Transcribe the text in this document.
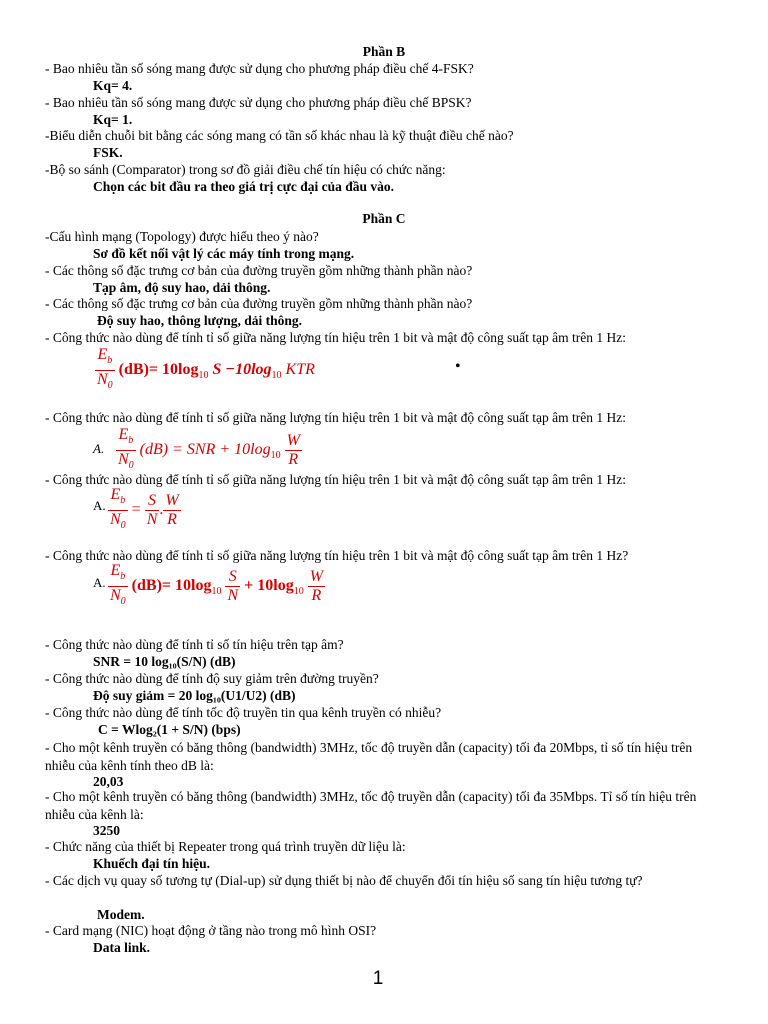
Phần B
- Bao nhiêu tần số sóng mang được sử dụng cho phương pháp điều chế 4-FSK?
Kq= 4.
- Bao nhiêu tần số sóng mang được sử dụng cho phương pháp điều chế BPSK?
Kq= 1.
-Biểu diễn chuỗi bit bằng các sóng mang có tần số khác nhau là kỹ thuật điều chế nào?
FSK.
-Bộ so sánh (Comparator) trong sơ đồ giải điều chế tín hiệu có chức năng:
Chọn các bit đầu ra theo giá trị cực đại của đầu vào.
Phần C
-Cấu hình mạng (Topology) được hiểu theo ý nào?
Sơ đồ kết nối vật lý các máy tính trong mạng.
- Các thông số đặc trưng cơ bản của đường truyền gồm những thành phần nào?
Tạp âm, độ suy hao, dải thông.
- Các thông số đặc trưng cơ bản của đường truyền gồm những thành phần nào?
Độ suy hao, thông lượng, dải thông.
- Công thức nào dùng để tính tỉ số giữa năng lượng tín hiệu trên 1 bit và mật độ công suất tạp âm trên 1 Hz:
$\frac{E_b}{N_0} (dB)= 10\log_{10}$ $S -10\log_{10}$ KTR	•
- Công thức nào dùng để tính tỉ số giữa năng lượng tín hiệu trên 1 bit và mật độ công suất tạp âm trên 1 Hz:
A. $\frac{E_b}{N_0} (dB)$ = SNR + $10\log_{10} \frac{W}{R}$
- Công thức nào dùng để tính tỉ số giữa năng lượng tín hiệu trên 1 bit và mật độ công suất tạp âm trên 1 Hz:
A. $\frac{E_b}{N_0} = \frac{S}{N}$ . $\frac{W}{R}$
- Công thức nào dùng để tính tỉ số giữa năng lượng tín hiệu trên 1 bit và mật độ công suất tạp âm trên 1 Hz?
A. $\frac{E_b}{N_0} (dB)= 10\log_{10} \frac{S}{N} + 10\log_{10} \frac{W}{R}$
- Công thức nào dùng để tính tỉ số tín hiệu trên tạp âm?
SNR = 10 log₁₀(S/N) (dB)
- Công thức nào dùng để tính độ suy giảm trên đường truyền?
Độ suy giảm = 20 log₁₀(U1/U2) (dB)
- Công thức nào dùng để tính tốc độ truyền tin qua kênh truyền có nhiễu?
C = Wlog₂(1 + S/N) (bps)
- Cho một kênh truyền có băng thông (bandwidth) 3MHz, tốc độ truyền dẫn (capacity) tối đa 20Mbps, tỉ số tín hiệu trên nhiễu của kênh tính theo dB là:
20,03
- Cho một kênh truyền có băng thông (bandwidth) 3MHz, tốc độ truyền dẫn (capacity) tối đa 35Mbps. Tỉ số tín hiệu trên nhiễu của kênh là:
3250
- Chức năng của thiết bị Repeater trong quá trình truyền dữ liệu là:
Khuếch đại tín hiệu.
- Các dịch vụ quay số tương tự (Dial-up) sử dụng thiết bị nào để chuyển đổi tín hiệu số sang tín hiệu tương tự?
Modem.
- Card mạng (NIC) hoạt động ở tầng nào trong mô hình OSI?
Data link.
1
